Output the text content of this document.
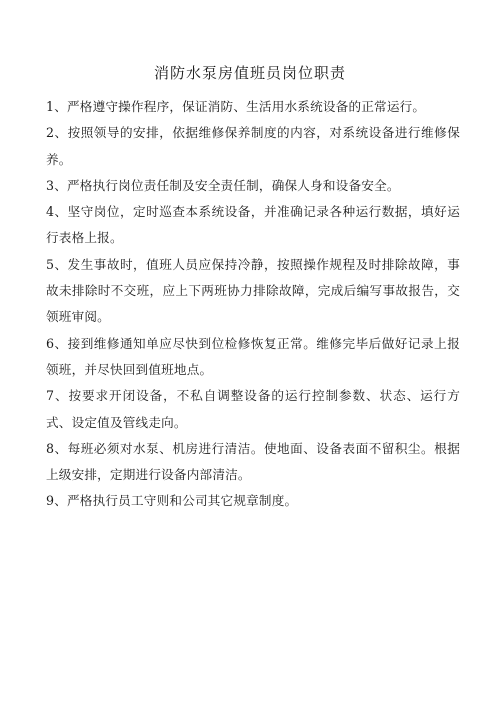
消防水泵房值班员岗位职责

1、严格遵守操作程序，保证消防、生活用水系统设备的正常运行。

2、按照领导的安排，依据维修保养制度的内容，对系统设备进行维修保养。

3、严格执行岗位责任制及安全责任制，确保人身和设备安全。

4、坚守岗位，定时巡查本系统设备，并准确记录各种运行数据，填好运行表格上报。

5、发生事故时，值班人员应保持冷静，按照操作规程及时排除故障，事故未排除时不交班，应上下两班协力排除故障，完成后编写事故报告，交领班审阅。

6、接到维修通知单应尽快到位检修恢复正常。维修完毕后做好记录上报领班，并尽快回到值班地点。

7、按要求开闭设备，不私自调整设备的运行控制参数、状态、运行方式、设定值及管线走向。

8、每班必须对水泵、机房进行清洁。使地面、设备表面不留积尘。根据上级安排，定期进行设备内部清洁。

9、严格执行员工守则和公司其它规章制度。
